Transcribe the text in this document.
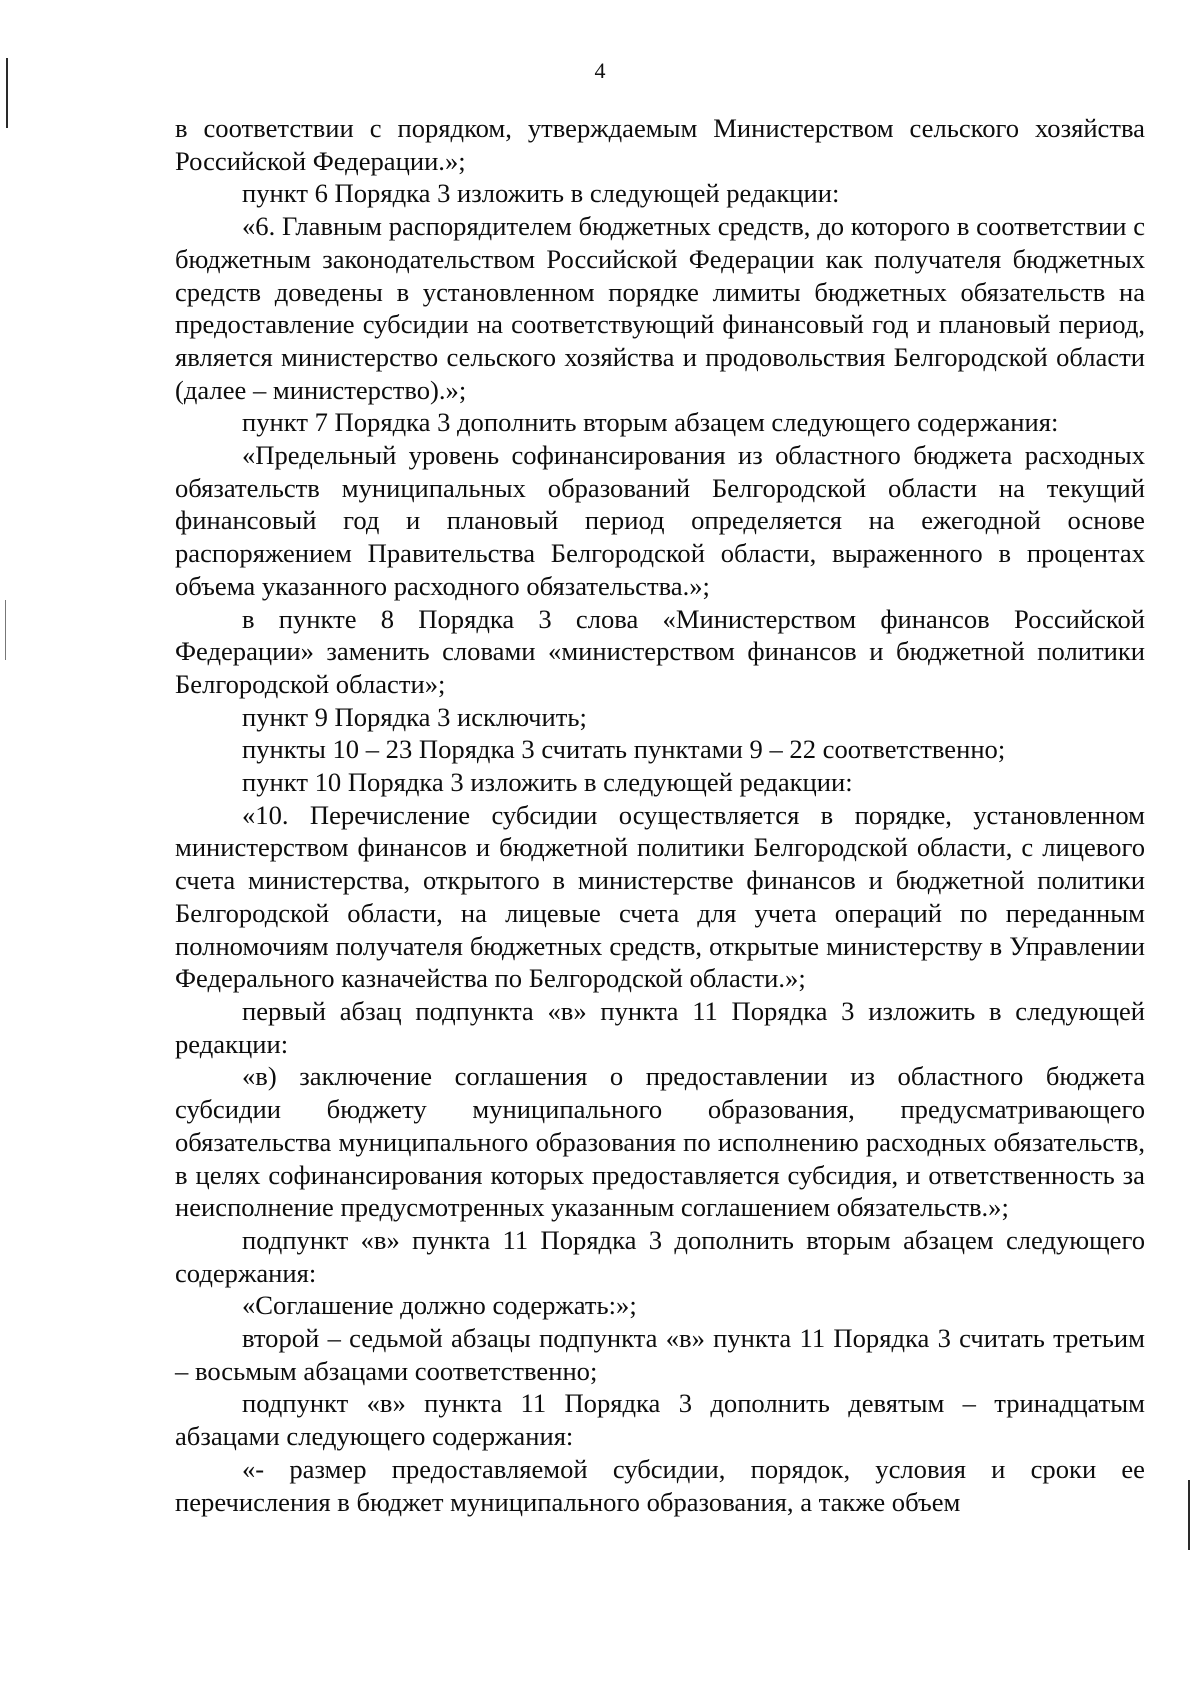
4

в соответствии с порядком, утверждаемым Министерством сельского хозяйства Российской Федерации.»;

пункт 6 Порядка 3 изложить в следующей редакции:

«6. Главным распорядителем бюджетных средств, до которого в соответствии с бюджетным законодательством Российской Федерации как получателя бюджетных средств доведены в установленном порядке лимиты бюджетных обязательств на предоставление субсидии на соответствующий финансовый год и плановый период, является министерство сельского хозяйства и продовольствия Белгородской области (далее – министерство).»;

пункт 7 Порядка 3 дополнить вторым абзацем следующего содержания:

«Предельный уровень софинансирования из областного бюджета расходных обязательств муниципальных образований Белгородской области на текущий финансовый год и плановый период определяется на ежегодной основе распоряжением Правительства Белгородской области, выраженного в процентах объема указанного расходного обязательства.»;

в пункте 8 Порядка 3 слова «Министерством финансов Российской Федерации» заменить словами «министерством финансов и бюджетной политики Белгородской области»;

пункт 9 Порядка 3 исключить;

пункты 10 – 23 Порядка 3 считать пунктами 9 – 22 соответственно;

пункт 10 Порядка 3 изложить в следующей редакции:

«10. Перечисление субсидии осуществляется в порядке, установленном министерством финансов и бюджетной политики Белгородской области, с лицевого счета министерства, открытого в министерстве финансов и бюджетной политики Белгородской области, на лицевые счета для учета операций по переданным полномочиям получателя бюджетных средств, открытые министерству в Управлении Федерального казначейства по Белгородской области.»;

первый абзац подпункта «в» пункта 11 Порядка 3 изложить в следующей редакции:

«в) заключение соглашения о предоставлении из областного бюджета субсидии бюджету муниципального образования, предусматривающего обязательства муниципального образования по исполнению расходных обязательств, в целях софинансирования которых предоставляется субсидия, и ответственность за неисполнение предусмотренных указанным соглашением обязательств.»;

подпункт «в» пункта 11 Порядка 3 дополнить вторым абзацем следующего содержания:

«Соглашение должно содержать:»;

второй – седьмой абзацы подпункта «в» пункта 11 Порядка 3 считать третьим – восьмым абзацами соответственно;

подпункт «в» пункта 11 Порядка 3 дополнить девятым – тринадцатым абзацами следующего содержания:

«- размер предоставляемой субсидии, порядок, условия и сроки ее перечисления в бюджет муниципального образования, а также объем
